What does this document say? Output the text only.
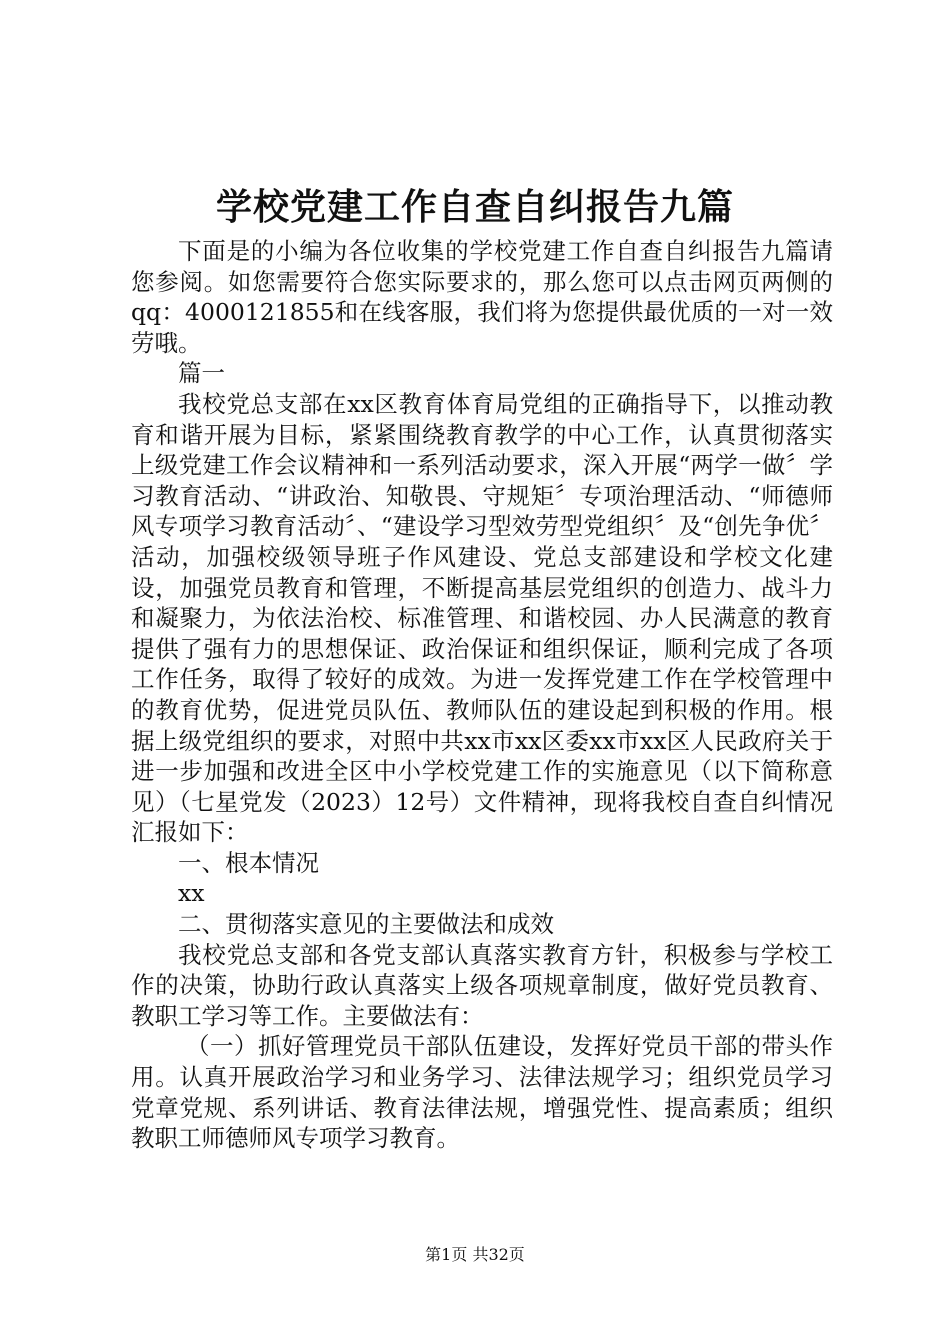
学校党建工作自查自纠报告九篇

下面是的小编为各位收集的学校党建工作自查自纠报告九篇请您参阅。如您需要符合您实际要求的，那么您可以点击网页两侧的qq：4000121855和在线客服，我们将为您提供最优质的一对一效劳哦。

篇一

我校党总支部在xx区教育体育局党组的正确指导下，以推动教育和谐开展为目标，紧紧围绕教育教学的中心工作，认真贯彻落实上级党建工作会议精神和一系列活动要求，深入开展“两学一做〞学习教育活动、“讲政治、知敬畏、守规矩〞专项治理活动、“师德师风专项学习教育活动〞、“建设学习型效劳型党组织〞及“创先争优〞活动，加强校级领导班子作风建设、党总支部建设和学校文化建设，加强党员教育和管理，不断提高基层党组织的创造力、战斗力和凝聚力，为依法治校、标准管理、和谐校园、办人民满意的教育提供了强有力的思想保证、政治保证和组织保证，顺利完成了各项工作任务，取得了较好的成效。为进一发挥党建工作在学校管理中的教育优势，促进党员队伍、教师队伍的建设起到积极的作用。根据上级党组织的要求，对照中共xx市xx区委xx市xx区人民政府关于进一步加强和改进全区中小学校党建工作的实施意见（以下简称意见）（七星党发（2023）12号）文件精神，现将我校自查自纠情况汇报如下：

一、根本情况

xx

二、贯彻落实意见的主要做法和成效

我校党总支部和各党支部认真落实教育方针，积极参与学校工作的决策，协助行政认真落实上级各项规章制度，做好党员教育、教职工学习等工作。主要做法有：

（一）抓好管理党员干部队伍建设，发挥好党员干部的带头作用。认真开展政治学习和业务学习、法律法规学习；组织党员学习党章党规、系列讲话、教育法律法规，增强党性、提高素质；组织教职工师德师风专项学习教育。

第1页 共32页
